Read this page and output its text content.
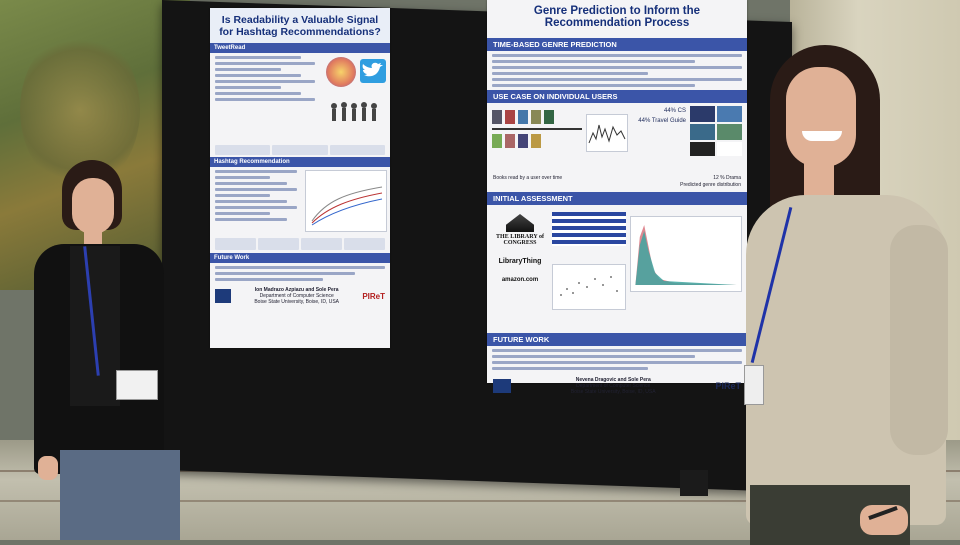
Is Readability a Valuable Signal for Hashtag Recommendations?
TweetRead
Hashtag Recommendation
Future Work
Ion Madrazo Azpiazu and Sole Pera
Department of Computer Science
Boise State University, Boise, ID, USA
PIReT
Genre Prediction to Inform the Recommendation Process
TIME-BASED GENRE PREDICTION
USE CASE ON INDIVIDUAL USERS
44% CS
44% Travel Guide
Books read by a user over time	12 % Drama
Predicted genre distribution
INITIAL ASSESSMENT
THE LIBRARY of CONGRESS
LibraryThing
amazon.com
FUTURE WORK
Nevena Dragovic and Sole Pera
Department of Computer Science
Boise State University, Boise, ID, USA
PIReT
